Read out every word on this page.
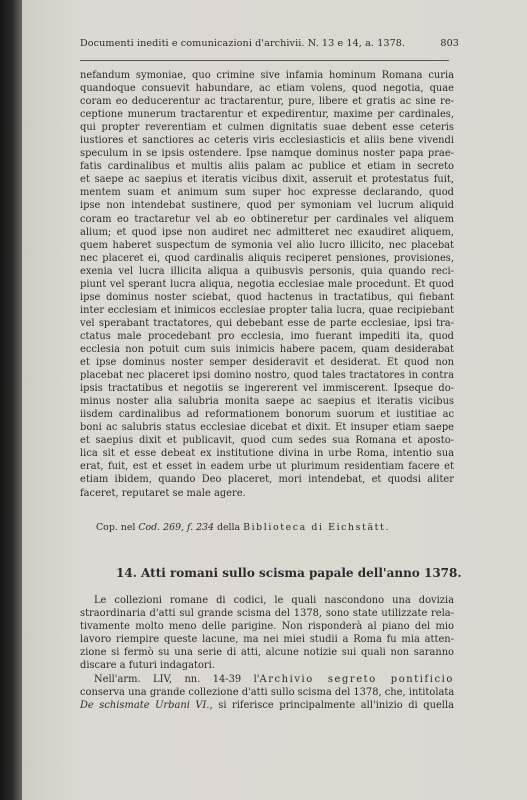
Documenti inediti e comunicazioni d'archivii. N. 13 e 14, a. 1378.	803
nefandum symoniae, quo crimine sive infamia hominum Romana curia
quandoque consuevit habundare, ac etiam volens, quod negotia, quae
coram eo deducerentur ac tractarentur, pure, libere et gratis ac sine re-
ceptione munerum tractarentur et expedirentur, maxime per cardinales,
qui propter reverentiam et culmen dignitatis suae debent esse ceteris
iustiores et sanctiores ac ceteris viris ecclesiasticis et aliis bene vivendi
speculum in se ipsis ostendere. Ipse namque dominus noster papa prae-
fatis cardinalibus et multis aliis palam ac publice et etiam in secreto
et saepe ac saepius et iteratis vicibus dixit, asseruit et protestatus fuit,
mentem suam et animum sum super hoc expresse declarando, quod
ipse non intendebat sustinere, quod per symoniam vel lucrum aliquid
coram eo tractaretur vel ab eo obtineretur per cardinales vel aliquem
alium; et quod ipse non audiret nec admitteret nec exaudiret aliquem,
quem haberet suspectum de symonia vel alio lucro illicito, nec placebat
nec placeret ei, quod cardinalis aliquis reciperet pensiones, provisiones,
exenia vel lucra illicita aliqua a quibusvis personis, quia quando reci-
piunt vel sperant lucra aliqua, negotia ecclesiae male procedunt. Et quod
ipse dominus noster sciebat, quod hactenus in tractatibus, qui fiebant
inter ecclesiam et inimicos ecclesiae propter talia lucra, quae recipiebant
vel sperabant tractatores, qui debebant esse de parte ecclesiae, ipsi tra-
ctatus male procedebant pro ecclesia, imo fuerant impediti ita, quod
ecclesia non potuit cum suis inimicis habere pacem, quam desiderabat
et ipse dominus noster semper desideravit et desiderat. Et quod non
placebat nec placeret ipsi domino nostro, quod tales tractatores in contra
ipsis tractatibus et negotiis se ingererent vel immiscerent. Ipseque do-
minus noster alia salubria monita saepe ac saepius et iteratis vicibus
iisdem cardinalibus ad reformationem bonorum suorum et iustitiae ac
boni ac salubris status ecclesiae dicebat et dixit. Et insuper etiam saepe
et saepius dixit et publicavit, quod cum sedes sua Romana et aposto-
lica sit et esse debeat ex institutione divina in urbe Roma, intentio sua
erat, fuit, est et esset in eadem urbe ut plurimum residentiam facere et
etiam ibidem, quando Deo placeret, mori intendebat, et quodsi aliter
faceret, reputaret se male agere.
Cop. nel Cod. 269, f. 234 della Biblioteca di Eichstätt.
14. Atti romani sullo scisma papale dell'anno 1378.
Le collezioni romane di codici, le quali nascondono una dovizia
straordinaria d'atti sul grande scisma del 1378, sono state utilizzate rela-
tivamente molto meno delle parigine. Non risponderà al piano del mio
lavoro riempire queste lacune, ma nei miei studii a Roma fu mia atten-
zione si fermò su una serie di atti, alcune notizie sui quali non saranno
discare a futuri indagatori.
Nell'arm. LIV, nn. 14-39 l'Archivio segreto pontificio
conserva una grande collezione d'atti sullo scisma del 1378, che, intitolata
De schismate Urbani VI., si riferisce principalmente all'inizio di quella
